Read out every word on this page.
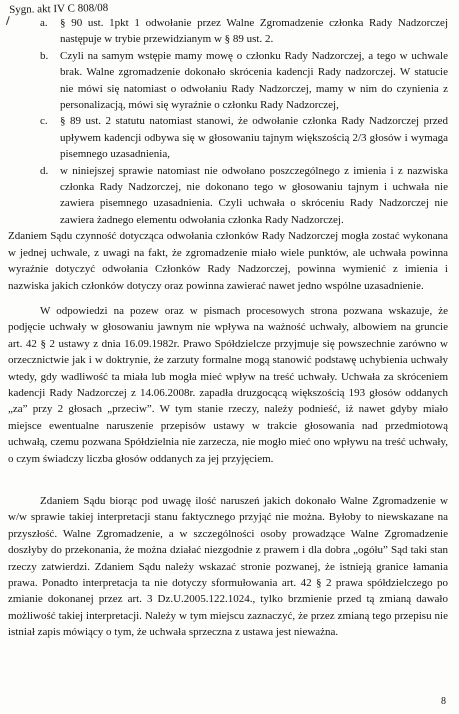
Sygn. akt IV C 808/08
a. § 90 ust. 1pkt 1 odwołanie przez Walne Zgromadzenie członka Rady Nadzorczej następuje w trybie przewidzianym w § 89 ust. 2.
b. Czyli na samym wstępie mamy mowę o członku Rady Nadzorczej, a tego w uchwale brak. Walne zgromadzenie dokonało skrócenia kadencji Rady nadzorczej. W statucie nie mówi się natomiast o odwołaniu Rady Nadzorczej, mamy w nim do czynienia z personalizacją, mówi się wyraźnie o członku Rady Nadzorczej,
c. § 89 ust. 2 statutu natomiast stanowi, że odwołanie członka Rady Nadzorczej przed upływem kadencji odbywa się w głosowaniu tajnym większością 2/3 głosów i wymaga pisemnego uzasadnienia,
d. w niniejszej sprawie natomiast nie odwołano poszczególnego z imienia i z nazwiska członka Rady Nadzorczej, nie dokonano tego w głosowaniu tajnym i uchwała nie zawiera pisemnego uzasadnienia. Czyli uchwała o skróceniu Rady Nadzorczej nie zawiera żadnego elementu odwołania członka Rady Nadzorczej.

Zdaniem Sądu czynność dotycząca odwołania członków Rady Nadzorczej mogła zostać wykonana w jednej uchwale, z uwagi na fakt, że zgromadzenie miało wiele punktów, ale uchwała powinna wyraźnie dotyczyć odwołania Członków Rady Nadzorczej, powinna wymienić z imienia i nazwiska jakich członków dotyczy oraz powinna zawierać nawet jedno wspólne uzasadnienie.

W odpowiedzi na pozew oraz w pismach procesowych strona pozwana wskazuje, że podjęcie uchwały w głosowaniu jawnym nie wpływa na ważność uchwały, albowiem na gruncie art. 42 § 2 ustawy z dnia 16.09.1982r. Prawo Spółdzielcze przyjmuje się powszechnie zarówno w orzecznictwie jak i w doktrynie, że zarzuty formalne mogą stanowić podstawę uchybienia uchwały wtedy, gdy wadliwość ta miała lub mogła mieć wpływ na treść uchwały. Uchwała za skróceniem kadencji Rady Nadzorczej z 14.06.2008r. zapadła druzgocącą większością 193 głosów oddanych „za” przy 2 głosach „przeciw”. W tym stanie rzeczy, należy podnieść, iż nawet gdyby miało miejsce ewentualne naruszenie przepisów ustawy w trakcie głosowania nad przedmiotową uchwałą, czemu pozwana Spółdzielnia nie zarzecza, nie mogło mieć ono wpływu na treść uchwały, o czym świadczy liczba głosów oddanych za jej przyjęciem.

Zdaniem Sądu biorąc pod uwagę ilość naruszeń jakich dokonało Walne Zgromadzenie w w/w sprawie takiej interpretacji stanu faktycznego przyjąć nie można. Byłoby to niewskazane na przyszłość. Walne Zgromadzenie, a w szczególności osoby prowadzące Walne Zgromadzenie doszłyby do przekonania, że można działać niezgodnie z prawem i dla dobra „ogółu” Sąd taki stan rzeczy zatwierdzi. Zdaniem Sądu należy wskazać stronie pozwanej, że istnieją granice łamania prawa. Ponadto interpretacja ta nie dotyczy sformułowania art. 42 § 2 prawa spółdzielczego po zmianie dokonanej przez art. 3 Dz.U.2005.122.1024., tylko brzmienie przed tą zmianą dawało możliwość takiej interpretacji. Należy w tym miejscu zaznaczyć, że przez zmianą tego przepisu nie istniał zapis mówiący o tym, że uchwała sprzeczna z ustawa jest nieważna.

8
